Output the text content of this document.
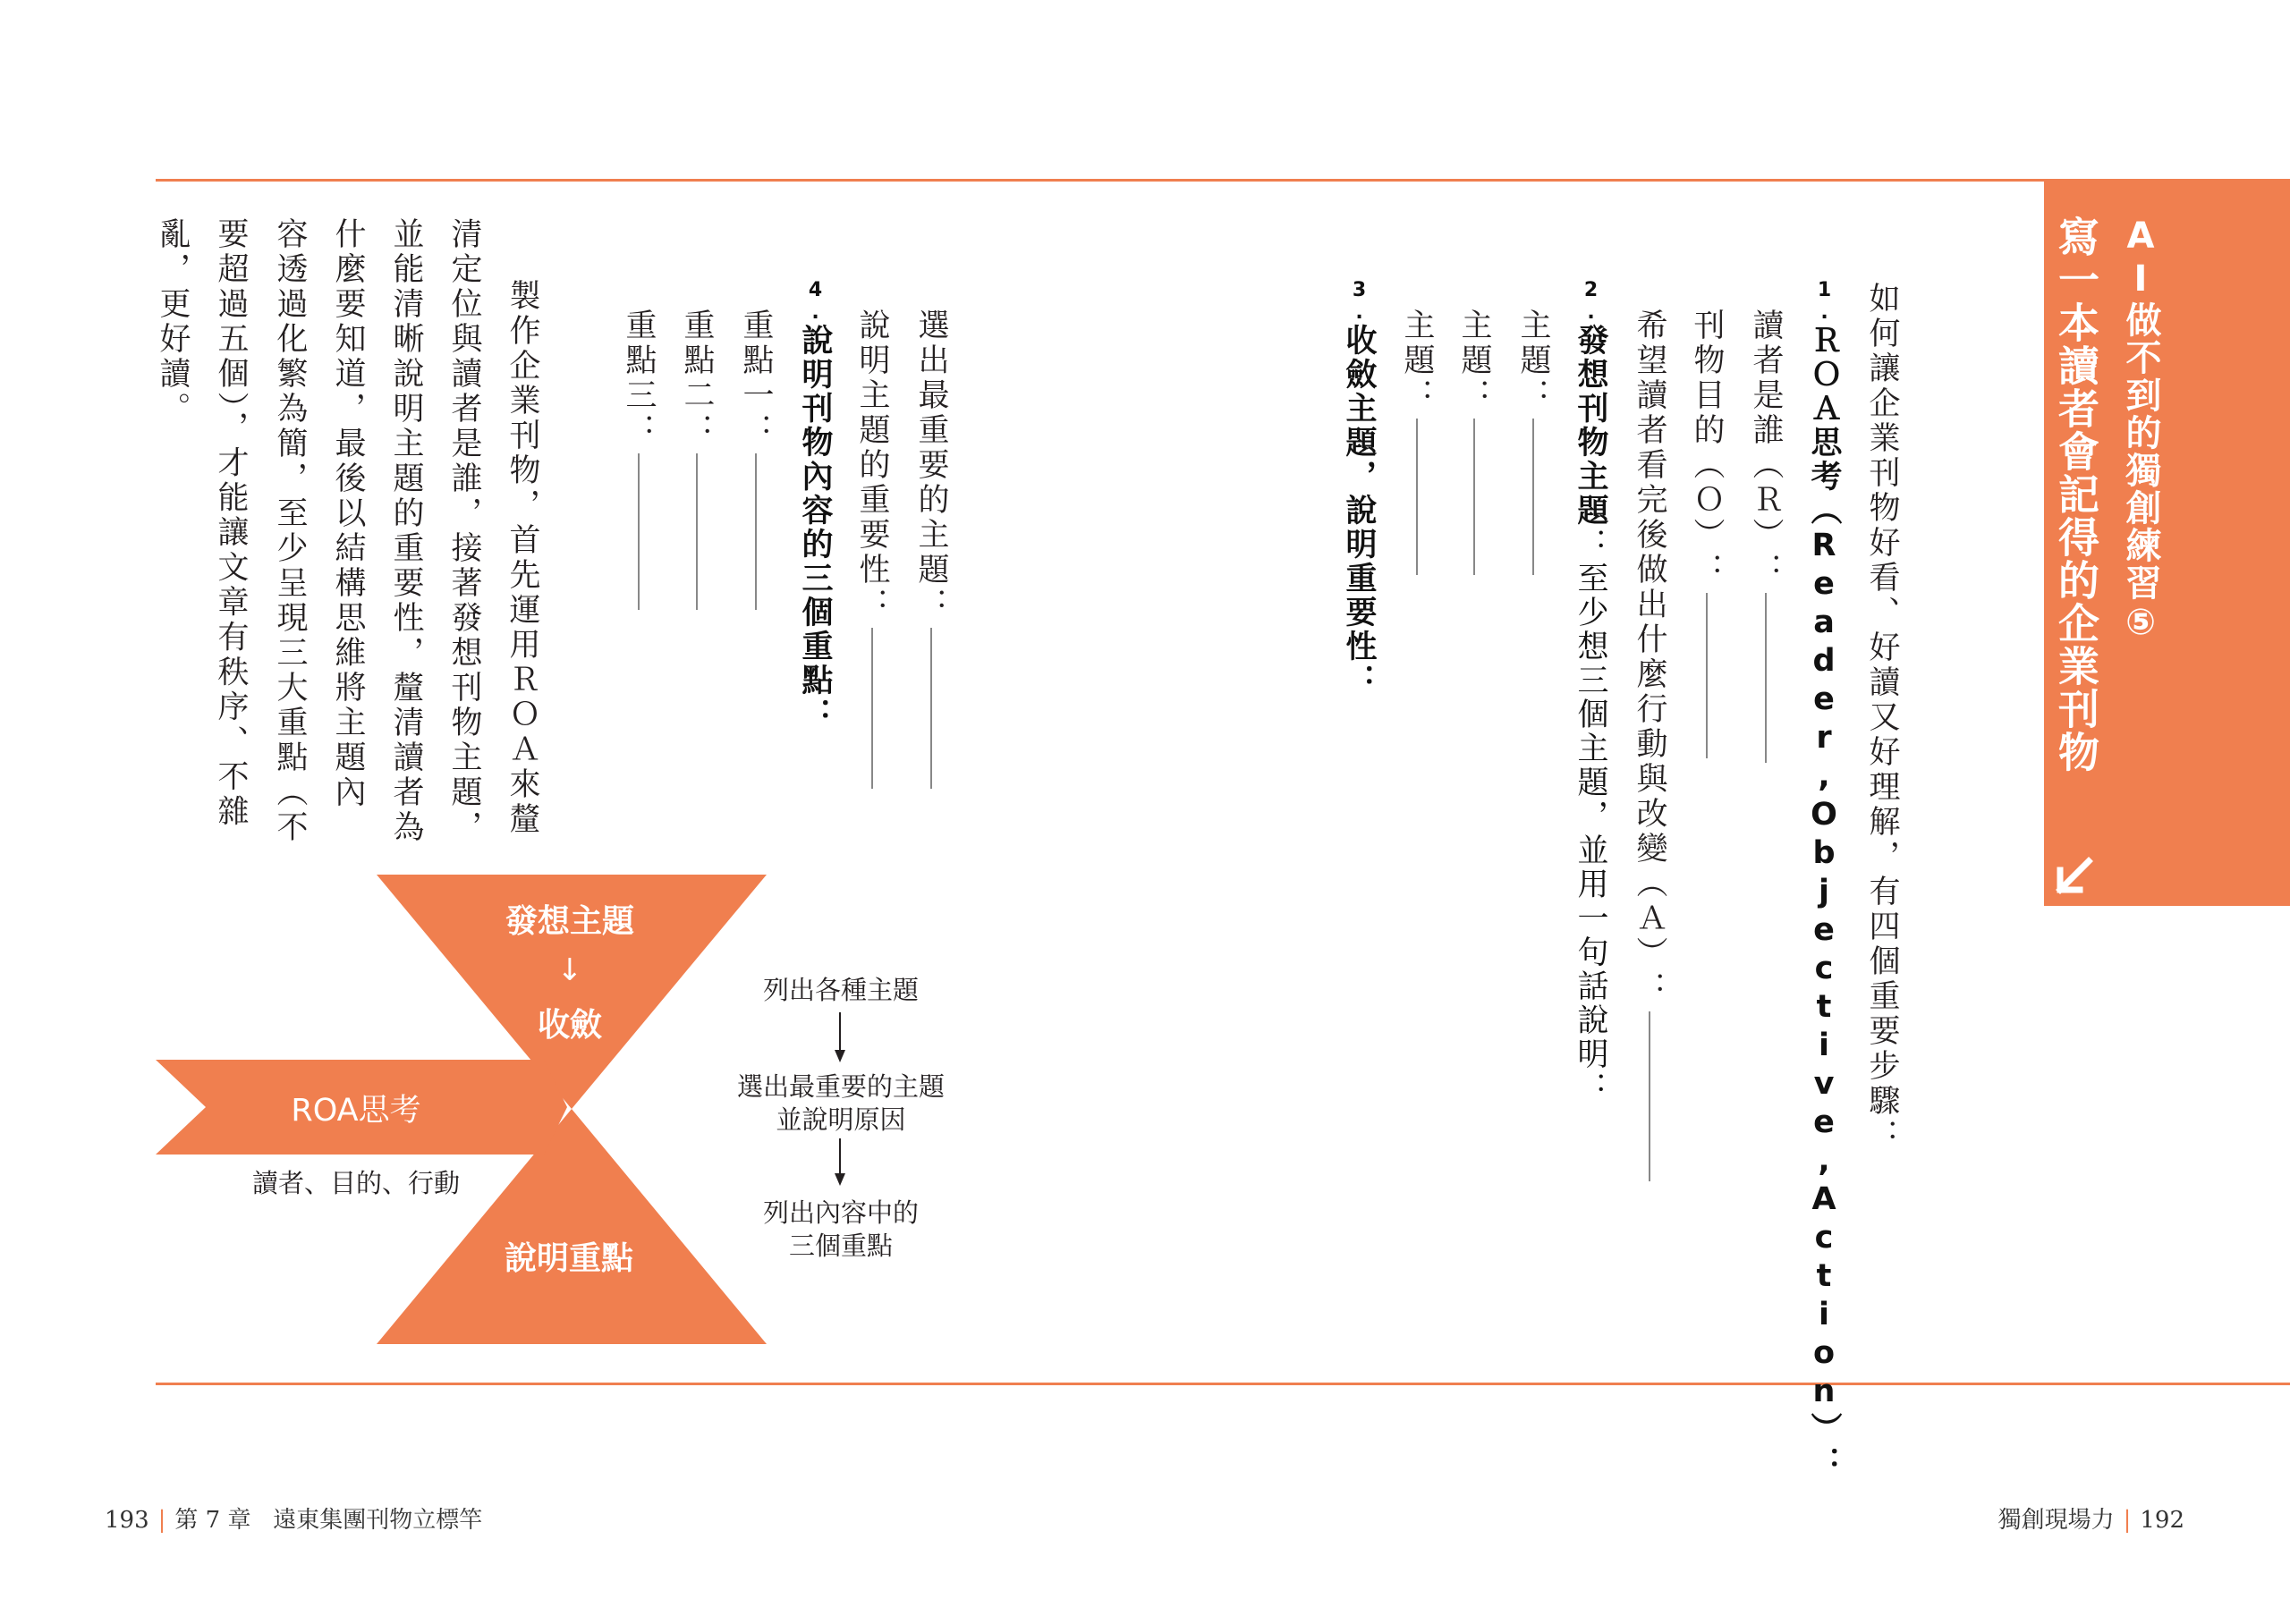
AI做不到的獨創練習⑤
寫一本讀者會記得的企業刊物
如何讓企業刊物好看、好讀又好理解，有四個重要步驟：
1.ＲＯＡ思考（Reader,Objective,Action）：
讀者是誰（Ｒ）：
刊物目的（Ｏ）：
希望讀者看完後做出什麼行動與改變（Ａ）：
2.發想刊物主題：至少想三個主題，並用一句話說明：
主題：
主題：
主題：
3.收斂主題，說明重要性：
選出最重要的主題：
說明主題的重要性：
4.說明刊物內容的三個重點：
重點一：
重點二：
重點三：
製作企業刊物，首先運用ＲＯＡ來釐
清定位與讀者是誰，接著發想刊物主題，
並能清晰說明主題的重要性，釐清讀者為
什麼要知道，最後以結構思維將主題內
容透過化繁為簡，至少呈現三大重點（不
要超過五個），才能讓文章有秩序、不雜
亂，更好讀。
發想主題
↓
收斂
ROA思考
讀者、目的、行動
說明重點
列出各種主題
選出最重要的主題
並說明原因
列出內容中的
三個重點
193 | 第 7 章 遠東集團刊物立標竿	獨創現場力 | 192
